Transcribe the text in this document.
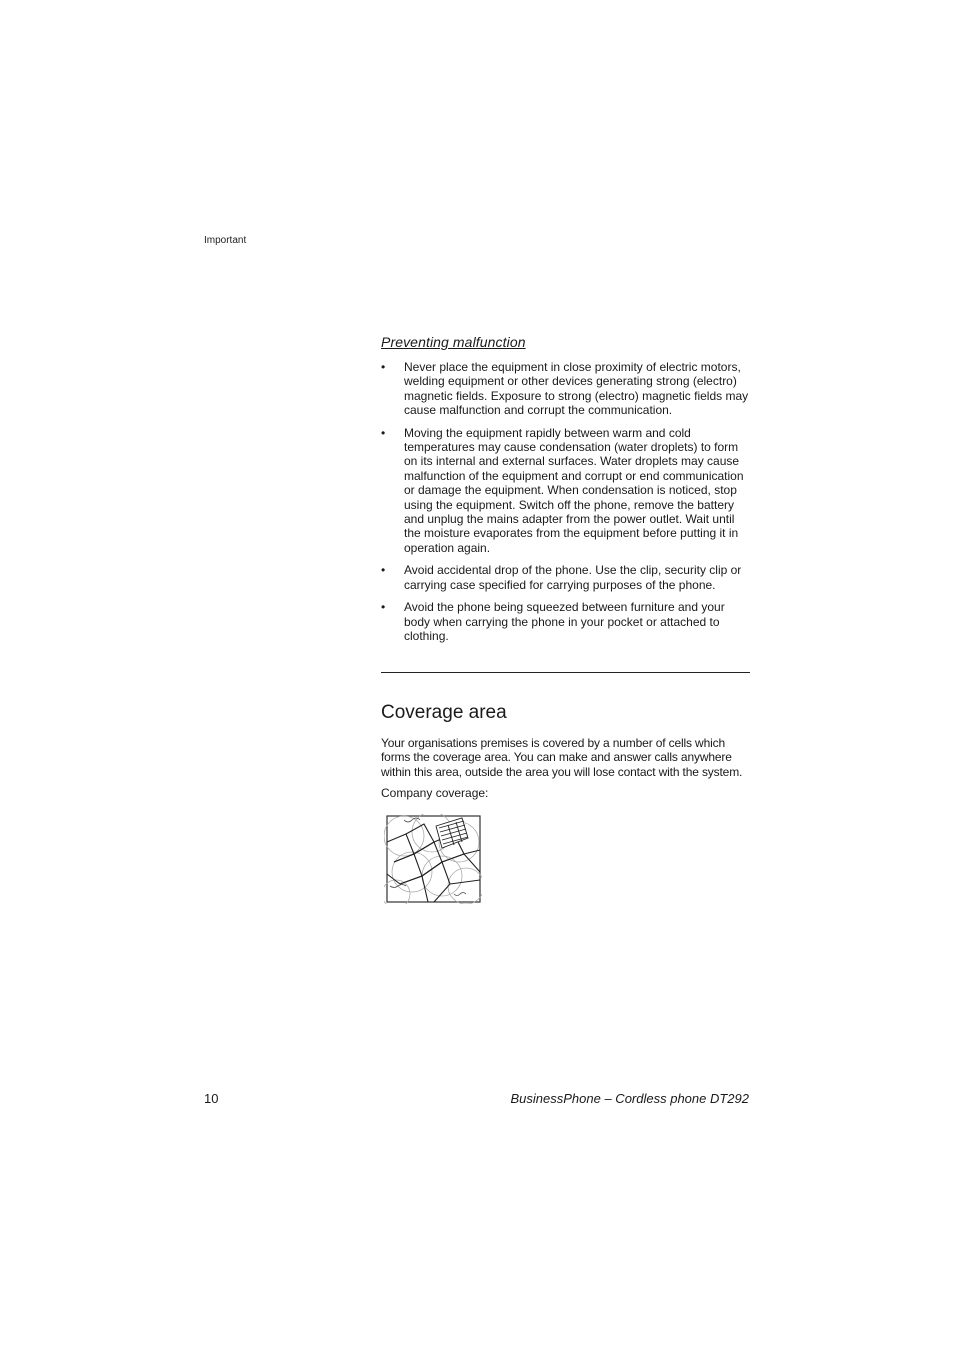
Important
Preventing malfunction
• Never place the equipment in close proximity of electric motors, welding equipment or other devices generating strong (electro) magnetic fields. Exposure to strong (electro) magnetic fields may cause malfunction and corrupt the communication.
• Moving the equipment rapidly between warm and cold temperatures may cause condensation (water droplets) to form on its internal and external surfaces. Water droplets may cause malfunction of the equipment and corrupt or end communication or damage the equipment. When condensation is noticed, stop using the equipment. Switch off the phone, remove the battery and unplug the mains adapter from the power outlet. Wait until the moisture evaporates from the equipment before putting it in operation again.
• Avoid accidental drop of the phone. Use the clip, security clip or carrying case specified for carrying purposes of the phone.
• Avoid the phone being squeezed between furniture and your body when carrying the phone in your pocket or attached to clothing.
Coverage area

Your organisations premises is covered by a number of cells which forms the coverage area. You can make and answer calls anywhere within this area, outside the area you will lose contact with the system.

Company coverage:

10	BusinessPhone – Cordless phone DT292
